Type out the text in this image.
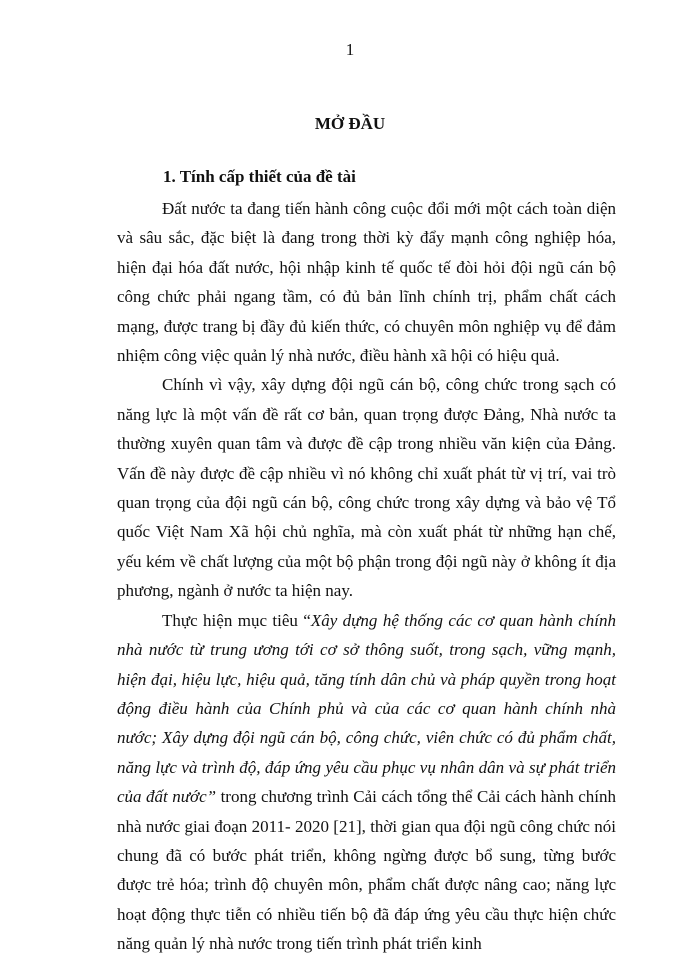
1

MỞ ĐẦU
1. Tính cấp thiết của đề tài

Đất nước ta đang tiến hành công cuộc đổi mới một cách toàn diện và sâu sắc, đặc biệt là đang trong thời kỳ đẩy mạnh công nghiệp hóa, hiện đại hóa đất nước, hội nhập kinh tế quốc tế đòi hỏi đội ngũ cán bộ công chức phải ngang tầm, có đủ bản lĩnh chính trị, phẩm chất cách mạng, được trang bị đầy đủ kiến thức, có chuyên môn nghiệp vụ để đảm nhiệm công việc quản lý nhà nước, điều hành xã hội có hiệu quả.

Chính vì vậy, xây dựng đội ngũ cán bộ, công chức trong sạch có năng lực là một vấn đề rất cơ bản, quan trọng được Đảng, Nhà nước ta thường xuyên quan tâm và được đề cập trong nhiều văn kiện của Đảng. Vấn đề này được đề cập nhiều vì nó không chỉ xuất phát từ vị trí, vai trò quan trọng của đội ngũ cán bộ, công chức trong xây dựng và bảo vệ Tổ quốc Việt Nam Xã hội chủ nghĩa, mà còn xuất phát từ những hạn chế, yếu kém về chất lượng của một bộ phận trong đội ngũ này ở không ít địa phương, ngành ở nước ta hiện nay.

Thực hiện mục tiêu “Xây dựng hệ thống các cơ quan hành chính nhà nước từ trung ương tới cơ sở thông suốt, trong sạch, vững mạnh, hiện đại, hiệu lực, hiệu quả, tăng tính dân chủ và pháp quyền trong hoạt động điều hành của Chính phủ và của các cơ quan hành chính nhà nước; Xây dựng đội ngũ cán bộ, công chức, viên chức có đủ phẩm chất, năng lực và trình độ, đáp ứng yêu cầu phục vụ nhân dân và sự phát triển của đất nước” trong chương trình Cải cách tổng thể Cải cách hành chính nhà nước giai đoạn 2011- 2020 [21], thời gian qua đội ngũ công chức nói chung đã có bước phát triển, không ngừng được bổ sung, từng bước được trẻ hóa; trình độ chuyên môn, phẩm chất được nâng cao; năng lực hoạt động thực tiễn có nhiều tiến bộ đã đáp ứng yêu cầu thực hiện chức năng quản lý nhà nước trong tiến trình phát triển kinh
